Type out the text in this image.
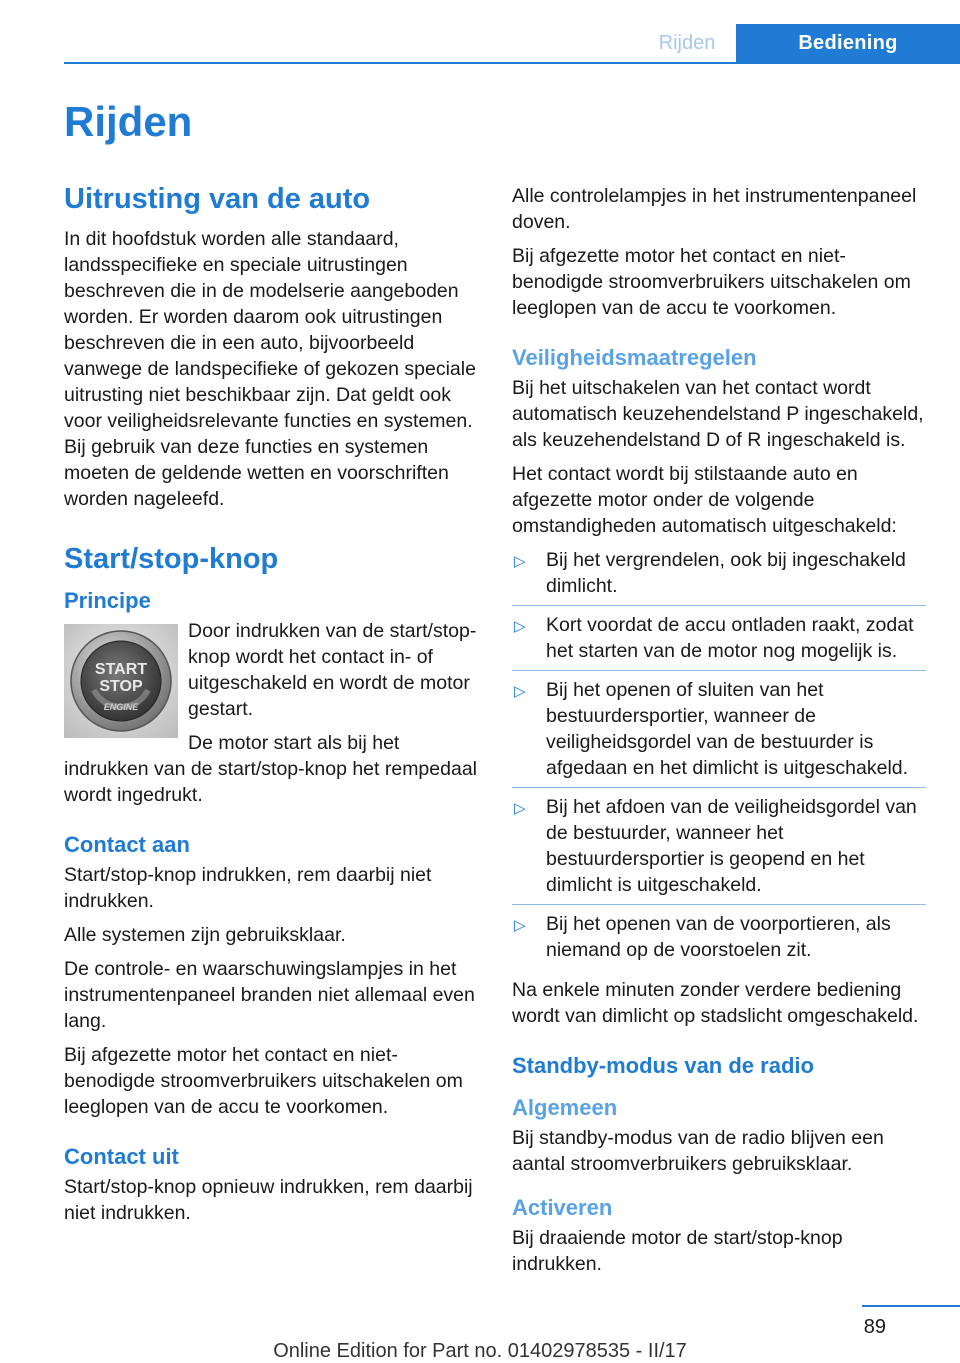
Rijden	Bediening
Rijden
Uitrusting van de auto

In dit hoofdstuk worden alle standaard, landsspecifieke en speciale uitrustingen beschreven die in de modelserie aangeboden worden. Er worden daarom ook uitrustingen beschreven die in een auto, bijvoorbeeld vanwege de landspecifieke of gekozen speciale uitrusting niet beschikbaar zijn. Dat geldt ook voor veiligheidsrelevante functies en systemen. Bij gebruik van deze functies en systemen moeten de geldende wetten en voorschriften worden nageleefd.

Start/stop-knop
Principe
START
STOP
ENGINE

Door indrukken van de start/stop-knop wordt het contact in- of uitgeschakeld en wordt de motor gestart.

De motor start als bij het indrukken van de start/stop-knop het rempedaal wordt ingedrukt.

Contact aan

Start/stop-knop indrukken, rem daarbij niet indrukken.

Alle systemen zijn gebruiksklaar.

De controle- en waarschuwingslampjes in het instrumentenpaneel branden niet allemaal even lang.

Bij afgezette motor het contact en niet-benodigde stroomverbruikers uitschakelen om leeglopen van de accu te voorkomen.

Contact uit

Start/stop-knop opnieuw indrukken, rem daarbij niet indrukken.

Alle controlelampjes in het instrumentenpaneel doven.

Bij afgezette motor het contact en niet-benodigde stroomverbruikers uitschakelen om leeglopen van de accu te voorkomen.

Veiligheidsmaatregelen

Bij het uitschakelen van het contact wordt automatisch keuzehendelstand P ingeschakeld, als keuzehendelstand D of R ingeschakeld is.

Het contact wordt bij stilstaande auto en afgezette motor onder de volgende omstandigheden automatisch uitgeschakeld:

▷ Bij het vergrendelen, ook bij ingeschakeld dimlicht.
▷ Kort voordat de accu ontladen raakt, zodat het starten van de motor nog mogelijk is.
▷ Bij het openen of sluiten van het bestuurdersportier, wanneer de veiligheidsgordel van de bestuurder is afgedaan en het dimlicht is uitgeschakeld.
▷ Bij het afdoen van de veiligheidsgordel van de bestuurder, wanneer het bestuurdersportier is geopend en het dimlicht is uitgeschakeld.
▷ Bij het openen van de voorportieren, als niemand op de voorstoelen zit.

Na enkele minuten zonder verdere bediening wordt van dimlicht op stadslicht omgeschakeld.

Standby-modus van de radio
Algemeen

Bij standby-modus van de radio blijven een aantal stroomverbruikers gebruiksklaar.

Activeren

Bij draaiende motor de start/stop-knop indrukken.

89
Online Edition for Part no. 01402978535 - II/17
